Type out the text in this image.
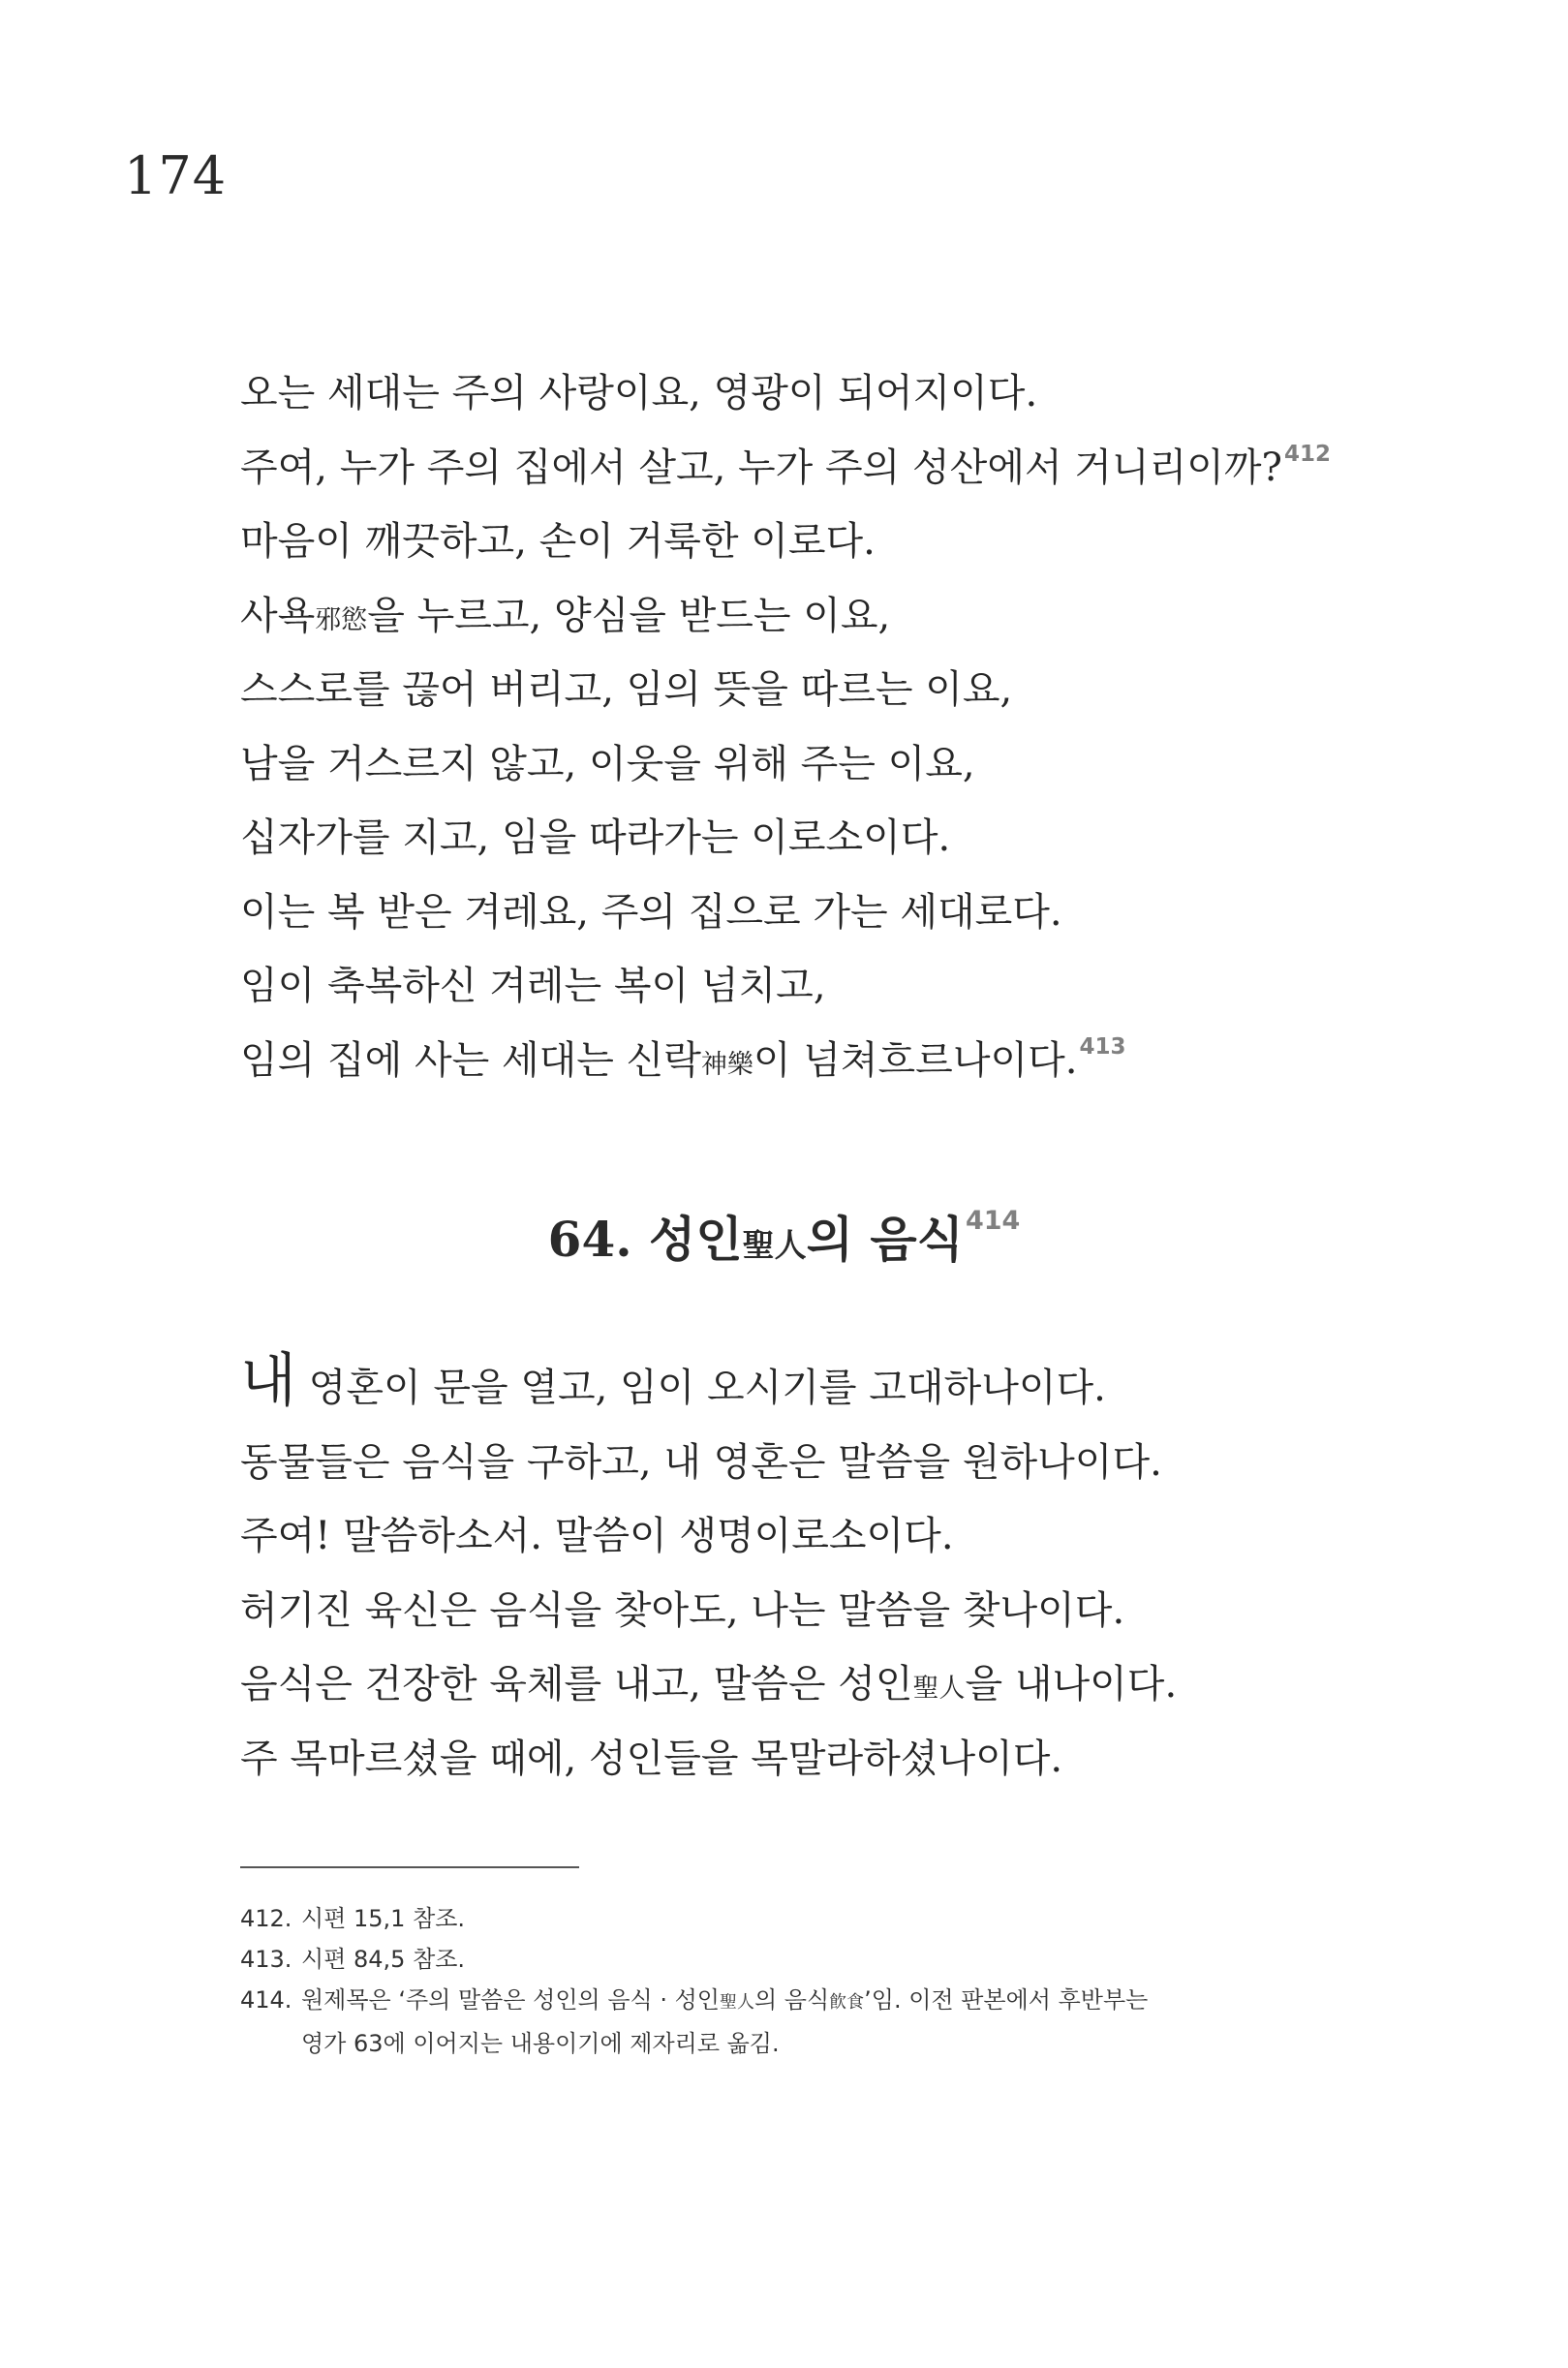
174
오는 세대는 주의 사랑이요, 영광이 되어지이다.
주여, 누가 주의 집에서 살고, 누가 주의 성산에서 거니리이까?$^{412}$
마음이 깨끗하고, 손이 거룩한 이로다.
사욕邪慾을 누르고, 양심을 받드는 이요,
스스로를 끊어 버리고, 임의 뜻을 따르는 이요,
남을 거스르지 않고, 이웃을 위해 주는 이요,
십자가를 지고, 임을 따라가는 이로소이다.
이는 복 받은 겨레요, 주의 집으로 가는 세대로다.
임이 축복하신 겨레는 복이 넘치고,
임의 집에 사는 세대는 신락神樂이 넘쳐흐르나이다.$^{413}$
64. 성인聖人의 음식$^{414}$
내 영혼이 문을 열고, 임이 오시기를 고대하나이다.
동물들은 음식을 구하고, 내 영혼은 말씀을 원하나이다.
주여! 말씀하소서. 말씀이 생명이로소이다.
허기진 육신은 음식을 찾아도, 나는 말씀을 찾나이다.
음식은 건장한 육체를 내고, 말씀은 성인聖人을 내나이다.
주 목마르셨을 때에, 성인들을 목말라하셨나이다.
412. 시편 15,1 참조.
413. 시편 84,5 참조.
414. 원제목은 ‘주의 말씀은 성인의 음식 · 성인聖人의 음식飮食’임. 이전 판본에서 후반부는
영가 63에 이어지는 내용이기에 제자리로 옮김.
